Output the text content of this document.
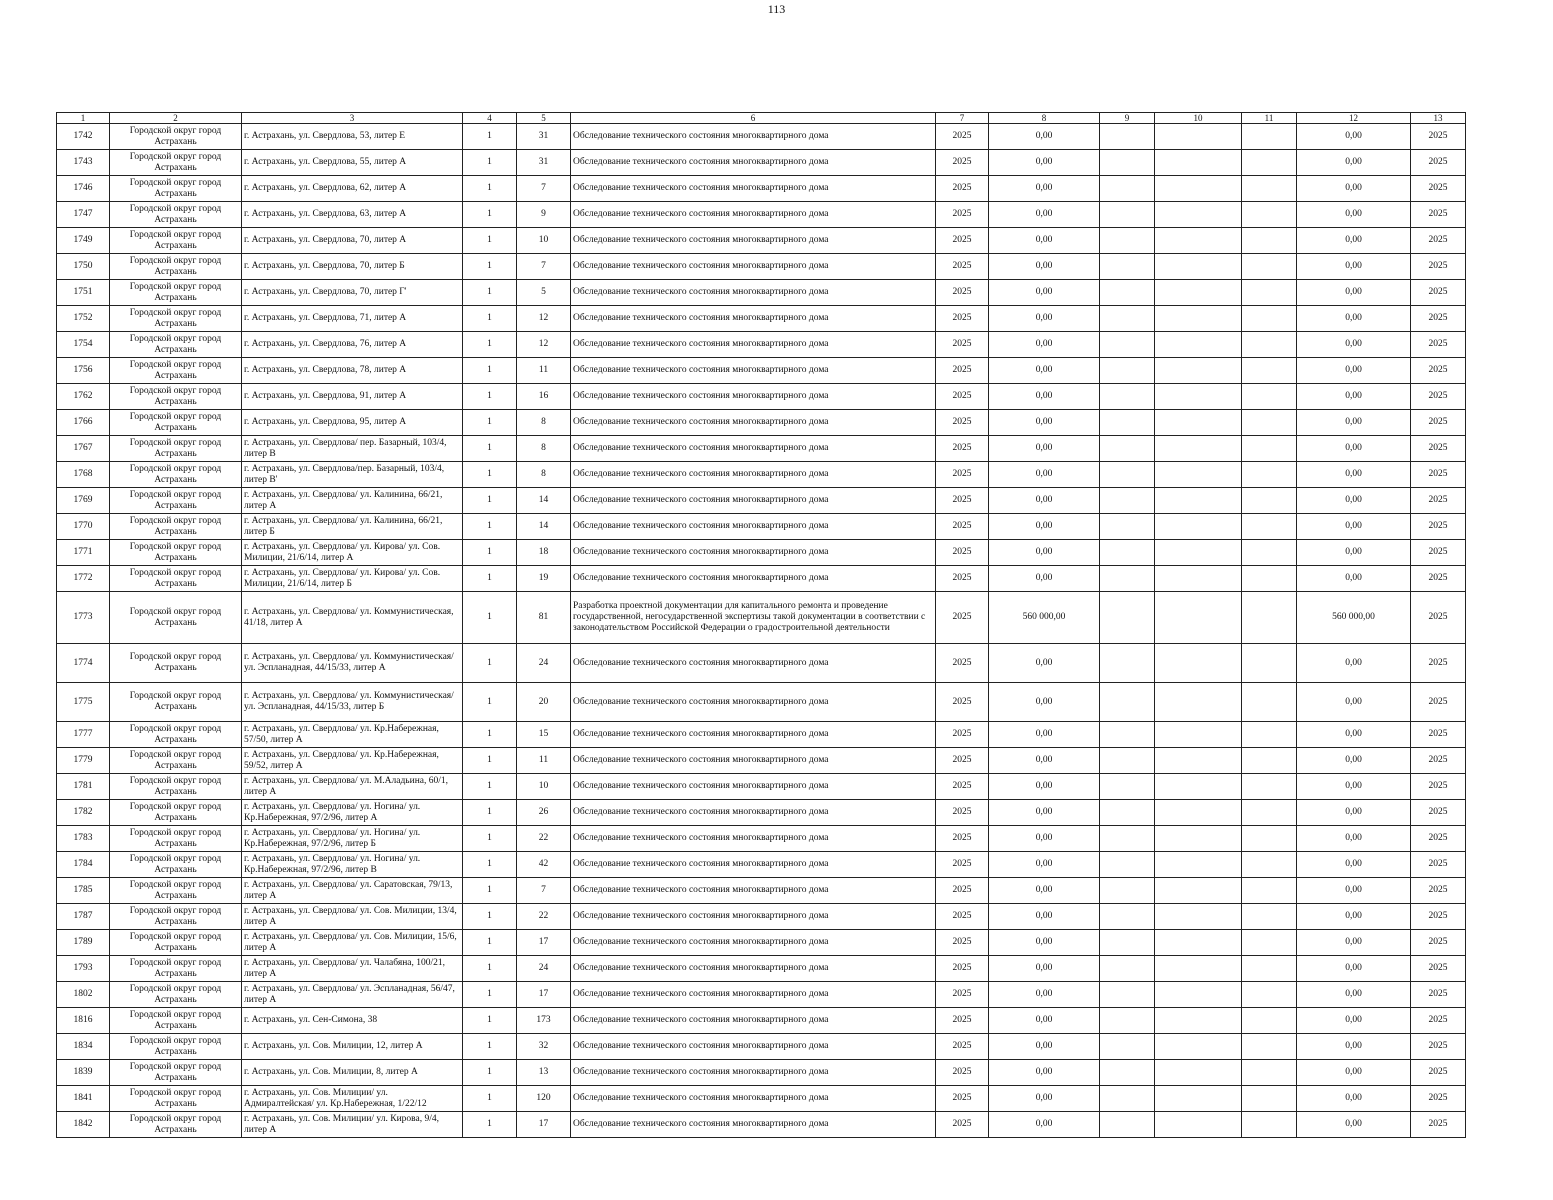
113
1	2	3	4	5	6	7	8	9	10	11	12	13
1742	Городской округ город Астрахань	г. Астрахань, ул. Свердлова, 53, литер Е	1	31	Обследование технического состояния многоквартирного дома	2025	0,00				0,00	2025
1743	Городской округ город Астрахань	г. Астрахань, ул. Свердлова, 55, литер А	1	31	Обследование технического состояния многоквартирного дома	2025	0,00				0,00	2025
1746	Городской округ город Астрахань	г. Астрахань, ул. Свердлова, 62, литер А	1	7	Обследование технического состояния многоквартирного дома	2025	0,00				0,00	2025
1747	Городской округ город Астрахань	г. Астрахань, ул. Свердлова, 63, литер А	1	9	Обследование технического состояния многоквартирного дома	2025	0,00				0,00	2025
1749	Городской округ город Астрахань	г. Астрахань, ул. Свердлова, 70, литер А	1	10	Обследование технического состояния многоквартирного дома	2025	0,00				0,00	2025
1750	Городской округ город Астрахань	г. Астрахань, ул. Свердлова, 70, литер Б	1	7	Обследование технического состояния многоквартирного дома	2025	0,00				0,00	2025
1751	Городской округ город Астрахань	г. Астрахань, ул. Свердлова, 70, литер Г'	1	5	Обследование технического состояния многоквартирного дома	2025	0,00				0,00	2025
1752	Городской округ город Астрахань	г. Астрахань, ул. Свердлова, 71, литер А	1	12	Обследование технического состояния многоквартирного дома	2025	0,00				0,00	2025
1754	Городской округ город Астрахань	г. Астрахань, ул. Свердлова, 76, литер А	1	12	Обследование технического состояния многоквартирного дома	2025	0,00				0,00	2025
1756	Городской округ город Астрахань	г. Астрахань, ул. Свердлова, 78, литер А	1	11	Обследование технического состояния многоквартирного дома	2025	0,00				0,00	2025
1762	Городской округ город Астрахань	г. Астрахань, ул. Свердлова, 91, литер А	1	16	Обследование технического состояния многоквартирного дома	2025	0,00				0,00	2025
1766	Городской округ город Астрахань	г. Астрахань, ул. Свердлова, 95, литер А	1	8	Обследование технического состояния многоквартирного дома	2025	0,00				0,00	2025
1767	Городской округ город Астрахань	г. Астрахань, ул. Свердлова/ пер. Базарный, 103/4, литер В	1	8	Обследование технического состояния многоквартирного дома	2025	0,00				0,00	2025
1768	Городской округ город Астрахань	г. Астрахань, ул. Свердлова/пер. Базарный, 103/4, литер В'	1	8	Обследование технического состояния многоквартирного дома	2025	0,00				0,00	2025
1769	Городской округ город Астрахань	г. Астрахань, ул. Свердлова/ ул. Калинина, 66/21, литер А	1	14	Обследование технического состояния многоквартирного дома	2025	0,00				0,00	2025
1770	Городской округ город Астрахань	г. Астрахань, ул. Свердлова/ ул. Калинина, 66/21, литер Б	1	14	Обследование технического состояния многоквартирного дома	2025	0,00				0,00	2025
1771	Городской округ город Астрахань	г. Астрахань, ул. Свердлова/ ул. Кирова/ ул. Сов. Милиции, 21/6/14, литер А	1	18	Обследование технического состояния многоквартирного дома	2025	0,00				0,00	2025
1772	Городской округ город Астрахань	г. Астрахань, ул. Свердлова/ ул. Кирова/ ул. Сов. Милиции, 21/6/14, литер Б	1	19	Обследование технического состояния многоквартирного дома	2025	0,00				0,00	2025
1773	Городской округ город Астрахань	г. Астрахань, ул. Свердлова/ ул. Коммунистическая, 41/18, литер А	1	81	Разработка проектной документации для капитального ремонта и проведение государственной, негосударственной экспертизы такой документации в соответствии с законодательством Российской Федерации о градостроительной деятельности	2025	560 000,00				560 000,00	2025
1774	Городской округ город Астрахань	г. Астрахань, ул. Свердлова/ ул. Коммунистическая/ ул. Эспланадная, 44/15/33, литер А	1	24	Обследование технического состояния многоквартирного дома	2025	0,00				0,00	2025
1775	Городской округ город Астрахань	г. Астрахань, ул. Свердлова/ ул. Коммунистическая/ ул. Эспланадная, 44/15/33, литер Б	1	20	Обследование технического состояния многоквартирного дома	2025	0,00				0,00	2025
1777	Городской округ город Астрахань	г. Астрахань, ул. Свердлова/ ул. Кр.Набережная, 57/50, литер А	1	15	Обследование технического состояния многоквартирного дома	2025	0,00				0,00	2025
1779	Городской округ город Астрахань	г. Астрахань, ул. Свердлова/ ул. Кр.Набережная, 59/52, литер А	1	11	Обследование технического состояния многоквартирного дома	2025	0,00				0,00	2025
1781	Городской округ город Астрахань	г. Астрахань, ул. Свердлова/ ул. М.Аладьина, 60/1, литер А	1	10	Обследование технического состояния многоквартирного дома	2025	0,00				0,00	2025
1782	Городской округ город Астрахань	г. Астрахань, ул. Свердлова/ ул. Ногина/ ул. Кр.Набережная, 97/2/96, литер А	1	26	Обследование технического состояния многоквартирного дома	2025	0,00				0,00	2025
1783	Городской округ город Астрахань	г. Астрахань, ул. Свердлова/ ул. Ногина/ ул. Кр.Набережная, 97/2/96, литер Б	1	22	Обследование технического состояния многоквартирного дома	2025	0,00				0,00	2025
1784	Городской округ город Астрахань	г. Астрахань, ул. Свердлова/ ул. Ногина/ ул. Кр.Набережная, 97/2/96, литер В	1	42	Обследование технического состояния многоквартирного дома	2025	0,00				0,00	2025
1785	Городской округ город Астрахань	г. Астрахань, ул. Свердлова/ ул. Саратовская, 79/13, литер А	1	7	Обследование технического состояния многоквартирного дома	2025	0,00				0,00	2025
1787	Городской округ город Астрахань	г. Астрахань, ул. Свердлова/ ул. Сов. Милиции, 13/4, литер А	1	22	Обследование технического состояния многоквартирного дома	2025	0,00				0,00	2025
1789	Городской округ город Астрахань	г. Астрахань, ул. Свердлова/ ул. Сов. Милиции, 15/6, литер А	1	17	Обследование технического состояния многоквартирного дома	2025	0,00				0,00	2025
1793	Городской округ город Астрахань	г. Астрахань, ул. Свердлова/ ул. Чалабяна, 100/21, литер А	1	24	Обследование технического состояния многоквартирного дома	2025	0,00				0,00	2025
1802	Городской округ город Астрахань	г. Астрахань, ул. Свердлова/ ул. Эспланадная, 56/47, литер А	1	17	Обследование технического состояния многоквартирного дома	2025	0,00				0,00	2025
1816	Городской округ город Астрахань	г. Астрахань, ул. Сен-Симона, 38	1	173	Обследование технического состояния многоквартирного дома	2025	0,00				0,00	2025
1834	Городской округ город Астрахань	г. Астрахань, ул. Сов. Милиции, 12, литер А	1	32	Обследование технического состояния многоквартирного дома	2025	0,00				0,00	2025
1839	Городской округ город Астрахань	г. Астрахань, ул. Сов. Милиции, 8, литер А	1	13	Обследование технического состояния многоквартирного дома	2025	0,00				0,00	2025
1841	Городской округ город Астрахань	г. Астрахань, ул. Сов. Милиции/ ул. Адмиралтейская/ ул. Кр.Набережная, 1/22/12	1	120	Обследование технического состояния многоквартирного дома	2025	0,00				0,00	2025
1842	Городской округ город Астрахань	г. Астрахань, ул. Сов. Милиции/ ул. Кирова, 9/4, литер А	1	17	Обследование технического состояния многоквартирного дома	2025	0,00				0,00	2025
